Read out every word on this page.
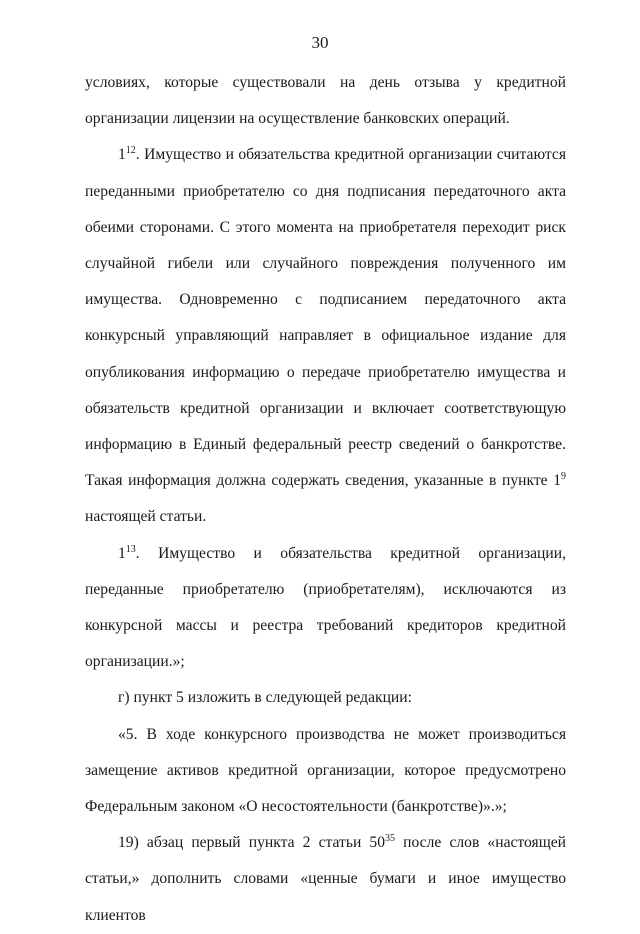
30

условиях, которые существовали на день отзыва у кредитной организации лицензии на осуществление банковских операций.

$1^{12}$. Имущество и обязательства кредитной организации считаются переданными приобретателю со дня подписания передаточного акта обеими сторонами. С этого момента на приобретателя переходит риск случайной гибели или случайного повреждения полученного им имущества. Одновременно с подписанием передаточного акта конкурсный управляющий направляет в официальное издание для опубликования информацию о передаче приобретателю имущества и обязательств кредитной организации и включает соответствующую информацию в Единый федеральный реестр сведений о банкротстве. Такая информация должна содержать сведения, указанные в пункте $1^9$ настоящей статьи.

$1^{13}$. Имущество и обязательства кредитной организации, переданные приобретателю (приобретателям), исключаются из конкурсной массы и реестра требований кредиторов кредитной организации.»;

г) пункт 5 изложить в следующей редакции:

«5. В ходе конкурсного производства не может производиться замещение активов кредитной организации, которое предусмотрено Федеральным законом «О несостоятельности (банкротстве)».»;

19) абзац первый пункта 2 статьи $50^{35}$ после слов «настоящей статьи,» дополнить словами «ценные бумаги и иное имущество клиентов
